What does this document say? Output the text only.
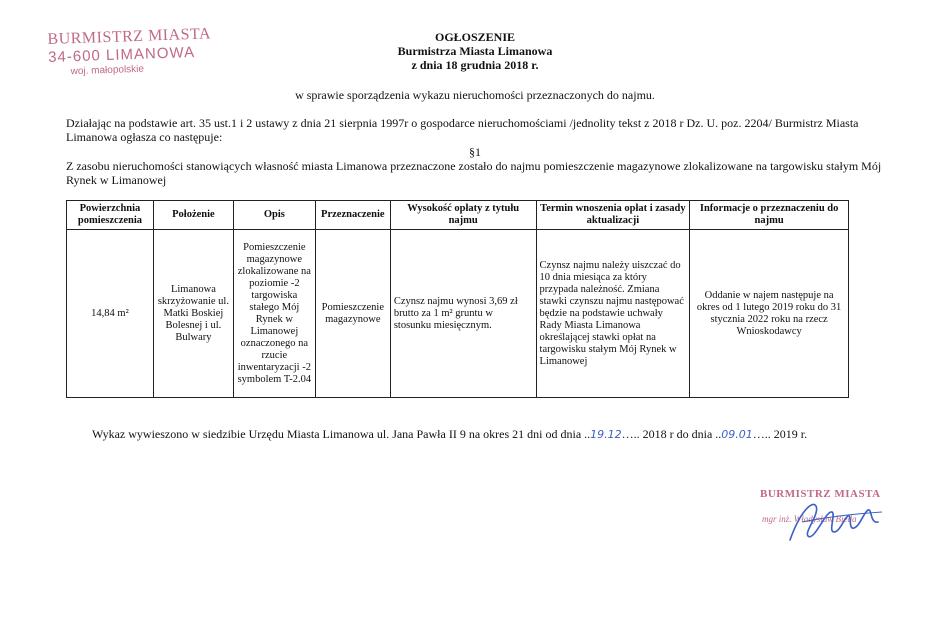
BURMISTRZ MIASTA
34-600 LIMANOWA
woj. małopolskie
OGŁOSZENIE
Burmistrza Miasta Limanowa
z dnia 18 grudnia 2018 r.
w sprawie sporządzenia wykazu nieruchomości przeznaczonych do najmu.
Działając na podstawie art. 35 ust.1 i 2 ustawy z dnia 21 sierpnia 1997r o gospodarce nieruchomościami /jednolity tekst z 2018 r Dz. U. poz. 2204/ Burmistrz Miasta Limanowa ogłasza co następuje:
§1
Z zasobu nieruchomości stanowiących własność miasta Limanowa przeznaczone zostało do najmu pomieszczenie magazynowe zlokalizowane na targowisku stałym Mój Rynek w Limanowej
Powierzchnia pomieszczenia	Położenie	Opis	Przeznaczenie	Wysokość opłaty z tytułu najmu	Termin wnoszenia opłat i zasady aktualizacji	Informacje o przeznaczeniu do najmu
14,84 m²	Limanowa skrzyżowanie ul. Matki Boskiej Bolesnej i ul. Bulwary	Pomieszczenie magazynowe zlokalizowane na poziomie -2 targowiska stałego Mój Rynek w Limanowej oznaczonego na rzucie inwentaryzacji -2 symbolem T-2.04	Pomieszczenie magazynowe	Czynsz najmu wynosi 3,69 zł brutto za 1 m² gruntu w stosunku miesięcznym.	Czynsz najmu należy uiszczać do 10 dnia miesiąca za który przypada należność. Zmiana stawki czynszu najmu następować będzie na podstawie uchwały Rady Miasta Limanowa określającej stawki opłat na targowisku stałym Mój Rynek w Limanowej	Oddanie w najem następuje na okres od 1 lutego 2019 roku do 31 stycznia 2022 roku na rzecz Wnioskodawcy
Wykaz wywieszono w siedzibie Urzędu Miasta Limanowa ul. Jana Pawła II 9 na okres 21 dni od dnia ..19.12….. 2018 r do dnia ..09.01….. 2019 r.
BURMISTRZ MIASTA
mgr inż. Władysław Bieda
